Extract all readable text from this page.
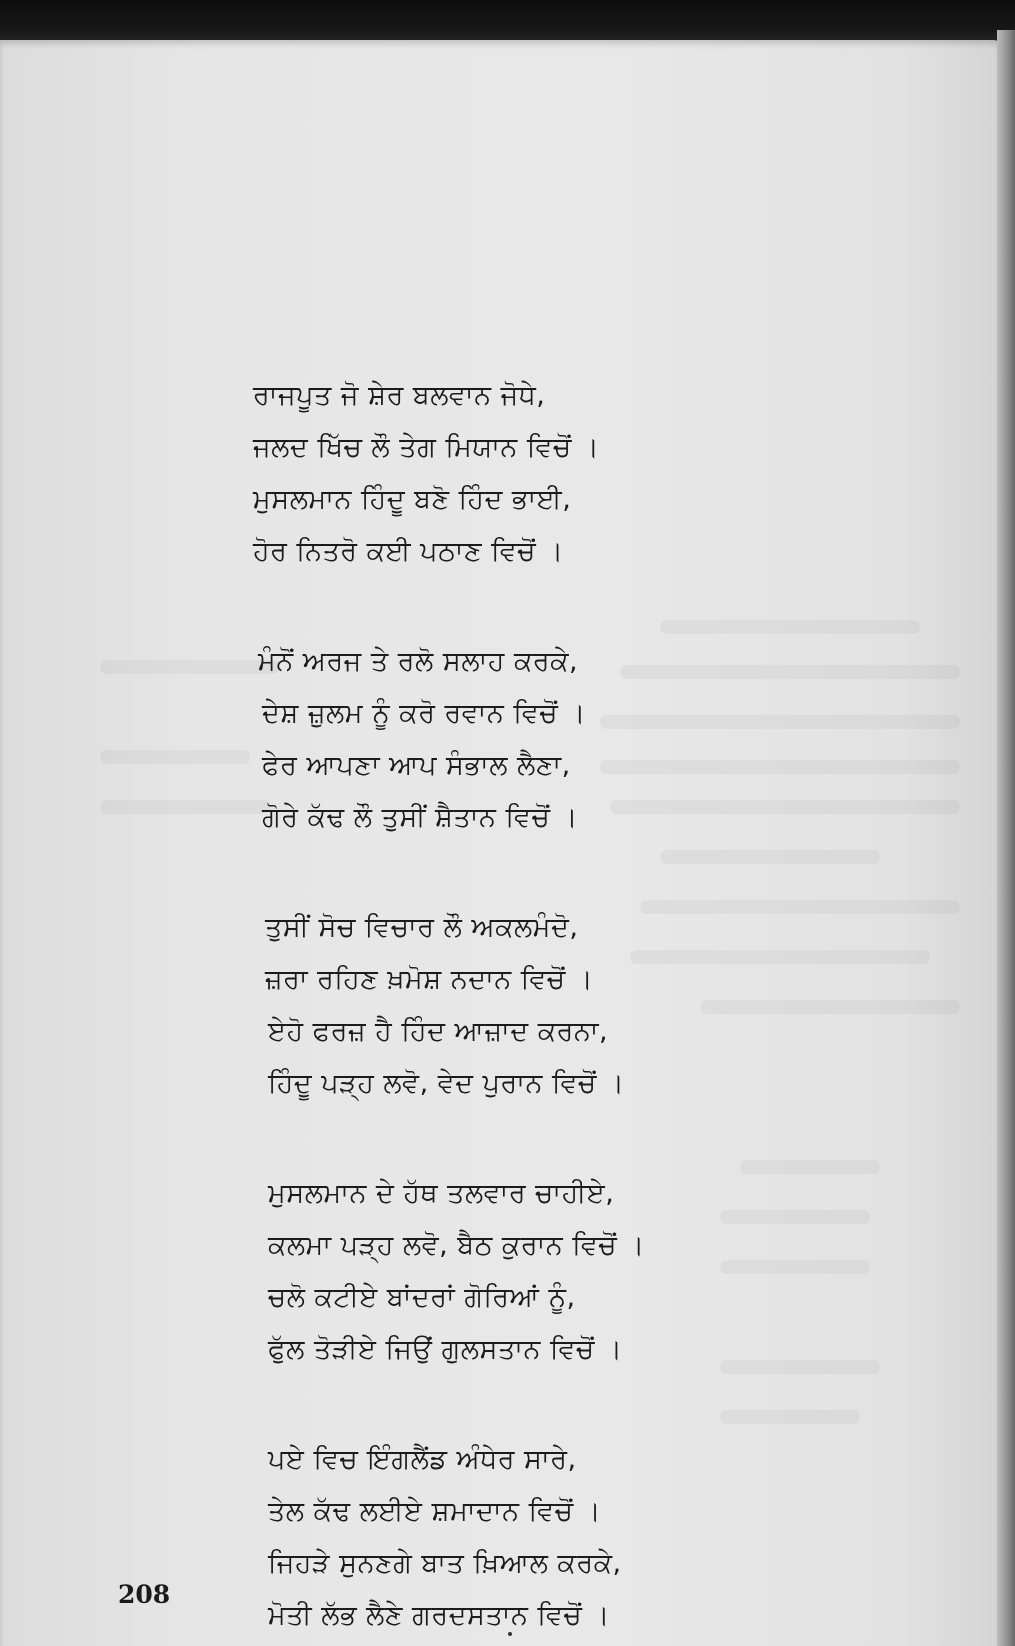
ਰਾਜਪੂਤ ਜੋ ਸ਼ੇਰ ਬਲਵਾਨ ਜੋਧੇ,
ਜਲਦ ਖਿੱਚ ਲੌ ਤੇਗ ਮਿਯਾਨ ਵਿਚੋਂ ।
ਮੁਸਲਮਾਨ ਹਿੰਦੂ ਬਣੋ ਹਿੰਦ ਭਾਈ,
ਹੋਰ ਨਿਤਰੋ ਕਈ ਪਠਾਣ ਵਿਚੋਂ ।
ਮੰਨੋਂ ਅਰਜ ਤੇ ਰਲੋ ਸਲਾਹ ਕਰਕੇ,
ਦੇਸ਼ ਜ਼ੁਲਮ ਨੂੰ ਕਰੋ ਰਵਾਨ ਵਿਚੋਂ ।
ਫੇਰ ਆਪਣਾ ਆਪ ਸੰਭਾਲ ਲੈਣਾ,
ਗੋਰੇ ਕੱਢ ਲੌ ਤੁਸੀਂ ਸ਼ੈਤਾਨ ਵਿਚੋਂ ।
ਤੁਸੀਂ ਸੋਚ ਵਿਚਾਰ ਲੌ ਅਕਲਮੰਦੋ,
ਜ਼ਰਾ ਰਹਿਣ ਖ਼ਮੋਸ਼ ਨਦਾਨ ਵਿਚੋਂ ।
ਏਹੋ ਫਰਜ਼ ਹੈ ਹਿੰਦ ਆਜ਼ਾਦ ਕਰਨਾ,
ਹਿੰਦੂ ਪੜ੍ਹ ਲਵੋ, ਵੇਦ ਪੁਰਾਨ ਵਿਚੋਂ ।
ਮੁਸਲਮਾਨ ਦੇ ਹੱਥ ਤਲਵਾਰ ਚਾਹੀਏ,
ਕਲਮਾ ਪੜ੍ਹ ਲਵੋ, ਬੈਠ ਕੁਰਾਨ ਵਿਚੋਂ ।
ਚਲੋ ਕਟੀਏ ਬਾਂਦਰਾਂ ਗੋਰਿਆਂ ਨੂੰ,
ਫੁੱਲ ਤੋੜੀਏ ਜਿਉਂ ਗੁਲਸਤਾਨ ਵਿਚੋਂ ।
ਪਏ ਵਿਚ ਇੰਗਲੈਂਡ ਅੰਧੇਰ ਸਾਰੇ,
ਤੇਲ ਕੱਢ ਲਈਏ ਸ਼ਮਾਦਾਨ ਵਿਚੋਂ ।
ਜਿਹੜੇ ਸੁਨਣਗੇ ਬਾਤ ਖ਼ਿਆਲ ਕਰਕੇ,
ਮੋਤੀ ਲੱਭ ਲੈਣੇ ਗਰਦਸਤਾਨ ਵਿਚੋਂ ।
208
